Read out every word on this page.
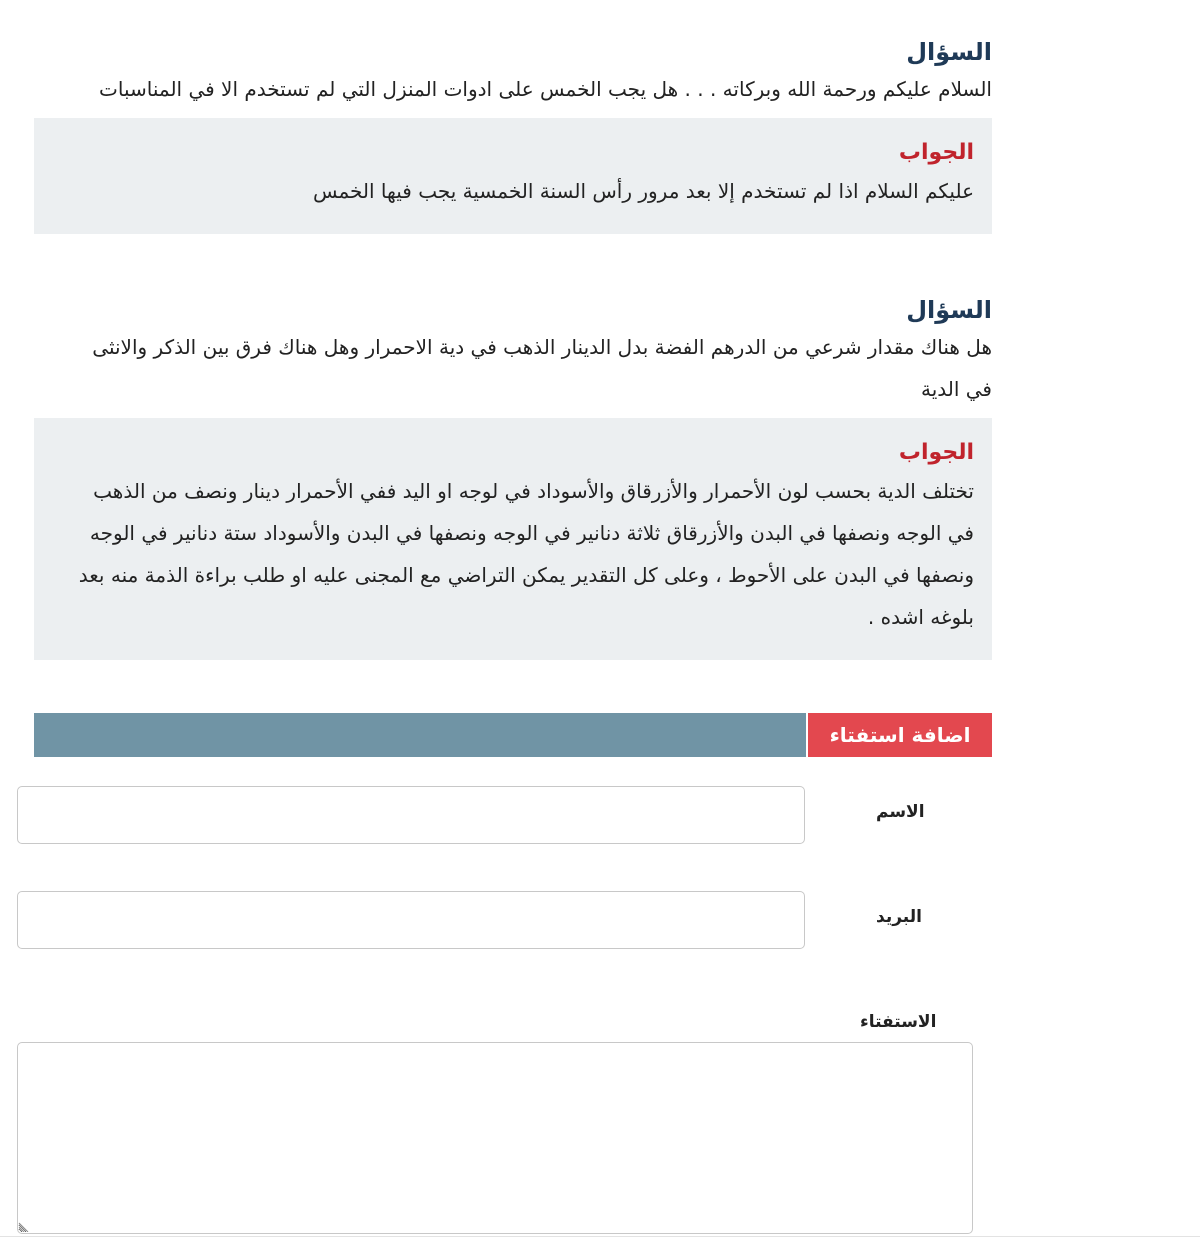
السؤال

السلام عليكم ورحمة الله وبركاته . . . هل يجب الخمس على ادوات المنزل التي لم تستخدم الا في المناسبات

الجواب

عليكم السلام اذا لم تستخدم إلا بعد مرور رأس السنة الخمسية يجب فيها الخمس

السؤال

هل هناك مقدار شرعي من الدرهم الفضة بدل الدينار الذهب في دية الاحمرار وهل هناك فرق بين الذكر والانثى في الدية

الجواب

تختلف الدية بحسب لون الأحمرار والأزرقاق والأسوداد في لوجه او اليد ففي الأحمرار دينار ونصف من الذهب في الوجه ونصفها في البدن والأزرقاق ثلاثة دنانير في الوجه ونصفها في البدن والأسوداد ستة دنانير في الوجه ونصفها في البدن على الأحوط ، وعلى كل التقدير يمكن التراضي مع المجنى عليه او طلب براءة الذمة منه بعد بلوغه اشده .

اضافة استفتاء
الاسم
البريد
الاستفتاء
